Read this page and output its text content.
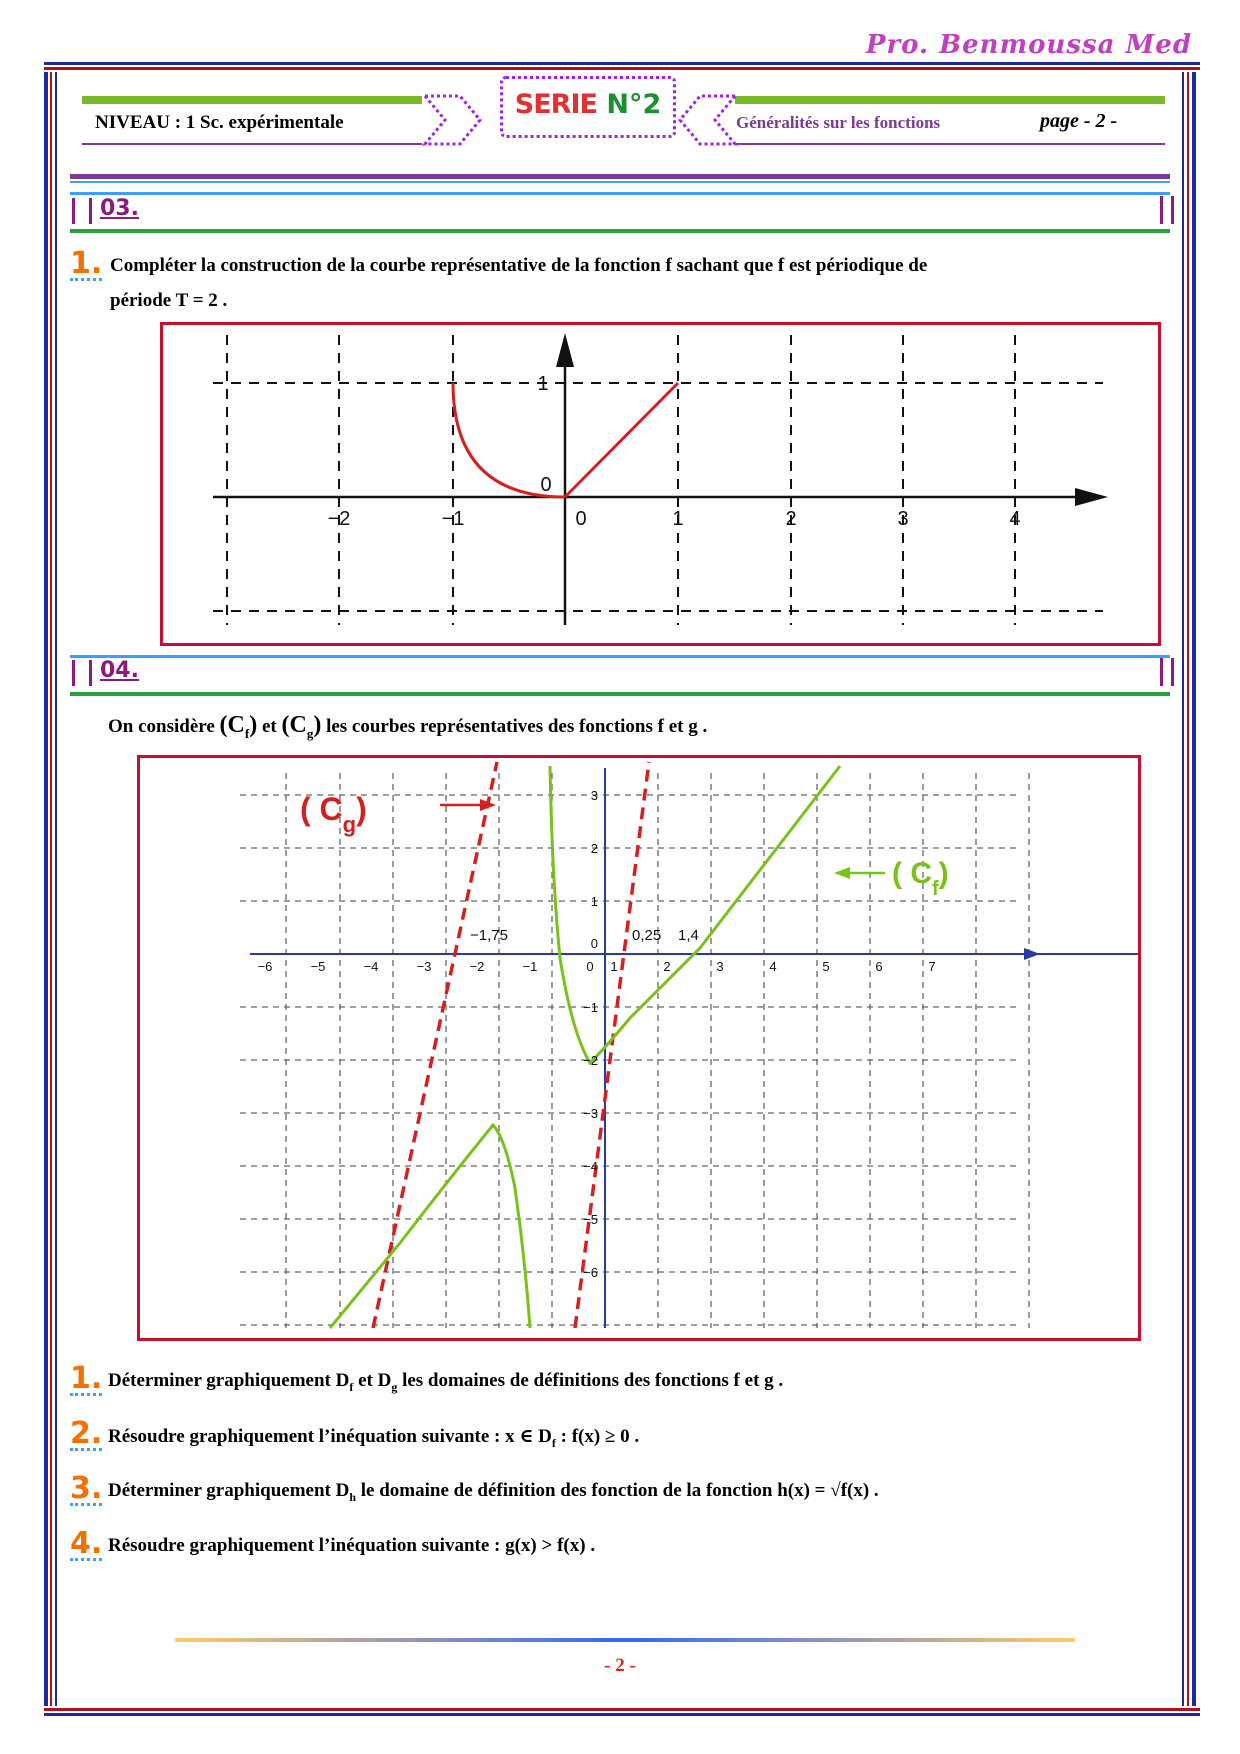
Pro. Benmoussa Med
NIVEAU : 1 Sc. expérimentale
SERIE N°2
Généralités sur les fonctions	page - 2 -
03.
1. Compléter la construction de la courbe représentative de la fonction f sachant que f est périodique de
période T = 2 .
−2	−1	0	1	2	3	4
1
0
04.
On considère $(C_f)$ et $(C_g)$ les courbes représentatives des fonctions f et g .
−6	−5	−4	−3	−2	−1	0 1	2	3	4	5	6	7
3
2
1
0
−1
−2
−3
−4
−5
−6
−1,75	0,25 1,4
( $C_g$)
( $C_f$)
1. Déterminer graphiquement $D_f$ et $D_g$ les domaines de définitions des fonctions f et g .
2. Résoudre graphiquement l’inéquation suivante : x ∈ $D_f$ : f(x) ≥ 0 .
3. Déterminer graphiquement $D_h$ le domaine de définition des fonction de la fonction h(x) = √f(x) .
4. Résoudre graphiquement l’inéquation suivante : g(x) > f(x) .
- 2 -
